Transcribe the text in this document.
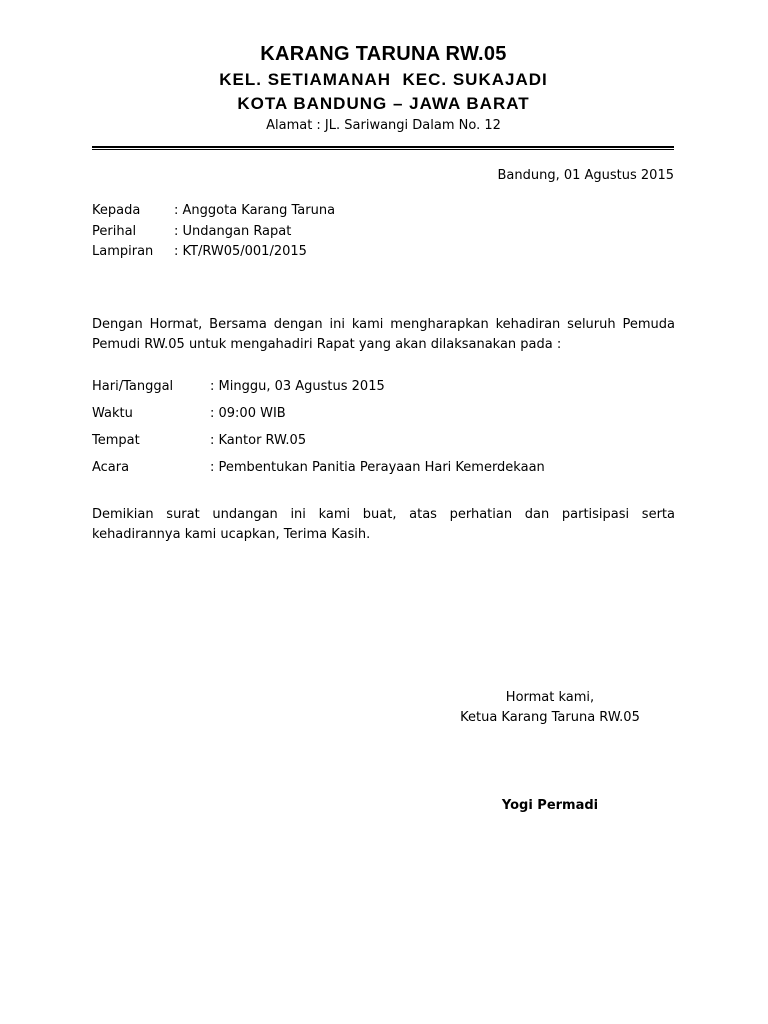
KARANG TARUNA RW.05
KEL. SETIAMANAH  KEC. SUKAJADI
KOTA BANDUNG – JAWA BARAT
Alamat : JL. Sariwangi Dalam No. 12
Bandung, 01 Agustus 2015
Kepada	: Anggota Karang Taruna
Perihal	: Undangan Rapat
Lampiran	: KT/RW05/001/2015
Dengan Hormat, Bersama dengan ini kami mengharapkan kehadiran seluruh Pemuda Pemudi RW.05 untuk mengahadiri Rapat yang akan dilaksanakan pada :
Hari/Tanggal	: Minggu, 03 Agustus 2015
Waktu	: 09:00 WIB
Tempat	: Kantor RW.05
Acara	: Pembentukan Panitia Perayaan Hari Kemerdekaan
Demikian surat undangan ini kami buat, atas perhatian dan partisipasi serta kehadirannya kami ucapkan, Terima Kasih.
Hormat kami,
Ketua Karang Taruna RW.05
Yogi Permadi
